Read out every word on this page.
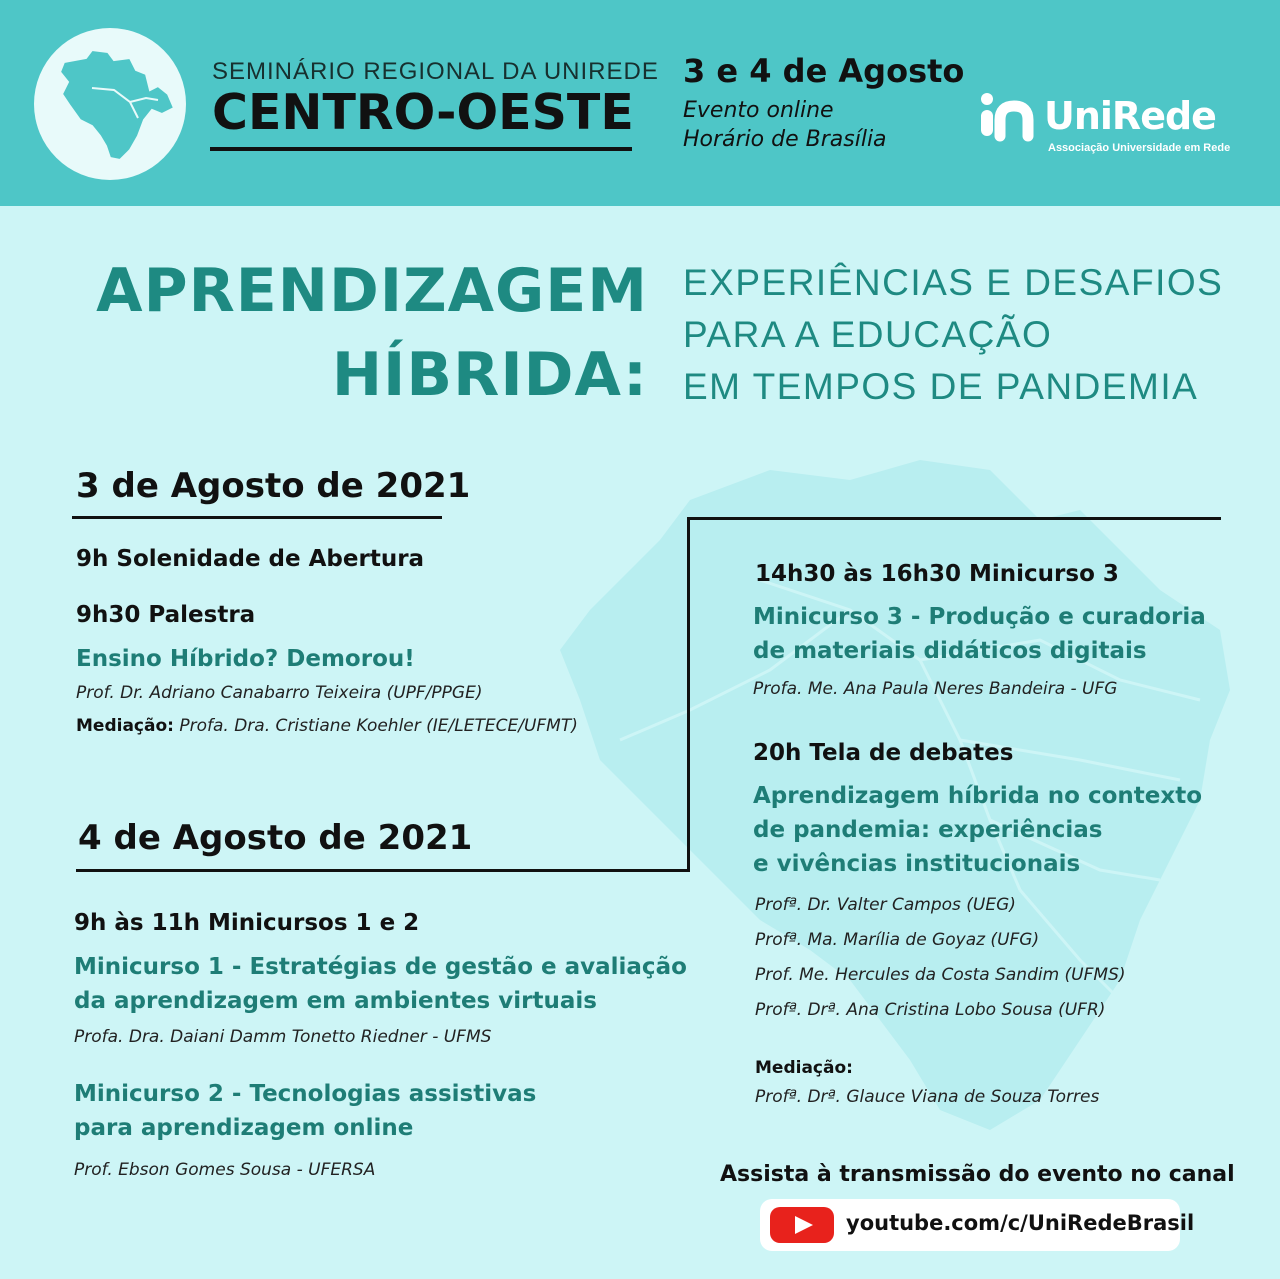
SEMINÁRIO REGIONAL DA UNIREDE
CENTRO-OESTE
3 e 4 de Agosto
Evento online
Horário de Brasília
UniRede
Associação Universidade em Rede
APRENDIZAGEM
HÍBRIDA:
EXPERIÊNCIAS E DESAFIOS
PARA A EDUCAÇÃO
EM TEMPOS DE PANDEMIA
3 de Agosto de 2021
9h Solenidade de Abertura
9h30 Palestra
Ensino Híbrido? Demorou!
Prof. Dr. Adriano Canabarro Teixeira (UPF/PPGE)
Mediação: Profa. Dra. Cristiane Koehler (IE/LETECE/UFMT)
14h30 às 16h30 Minicurso 3
Minicurso 3 - Produção e curadoria
de materiais didáticos digitais
Profa. Me. Ana Paula Neres Bandeira - UFG
20h Tela de debates
Aprendizagem híbrida no contexto
de pandemia: experiências
e vivências institucionais
Profª. Dr. Valter Campos (UEG)
Profª. Ma. Marília de Goyaz (UFG)
Prof. Me. Hercules da Costa Sandim (UFMS)
Profª. Drª. Ana Cristina Lobo Sousa (UFR)
Mediação:
Profª. Drª. Glauce Viana de Souza Torres
4 de Agosto de 2021
9h às 11h Minicursos 1 e 2
Minicurso 1 - Estratégias de gestão e avaliação
da aprendizagem em ambientes virtuais
Profa. Dra. Daiani Damm Tonetto Riedner - UFMS
Minicurso 2 - Tecnologias assistivas
para aprendizagem online
Prof. Ebson Gomes Sousa - UFERSA	Assista à transmissão do evento no canal
youtube.com/c/UniRedeBrasil
